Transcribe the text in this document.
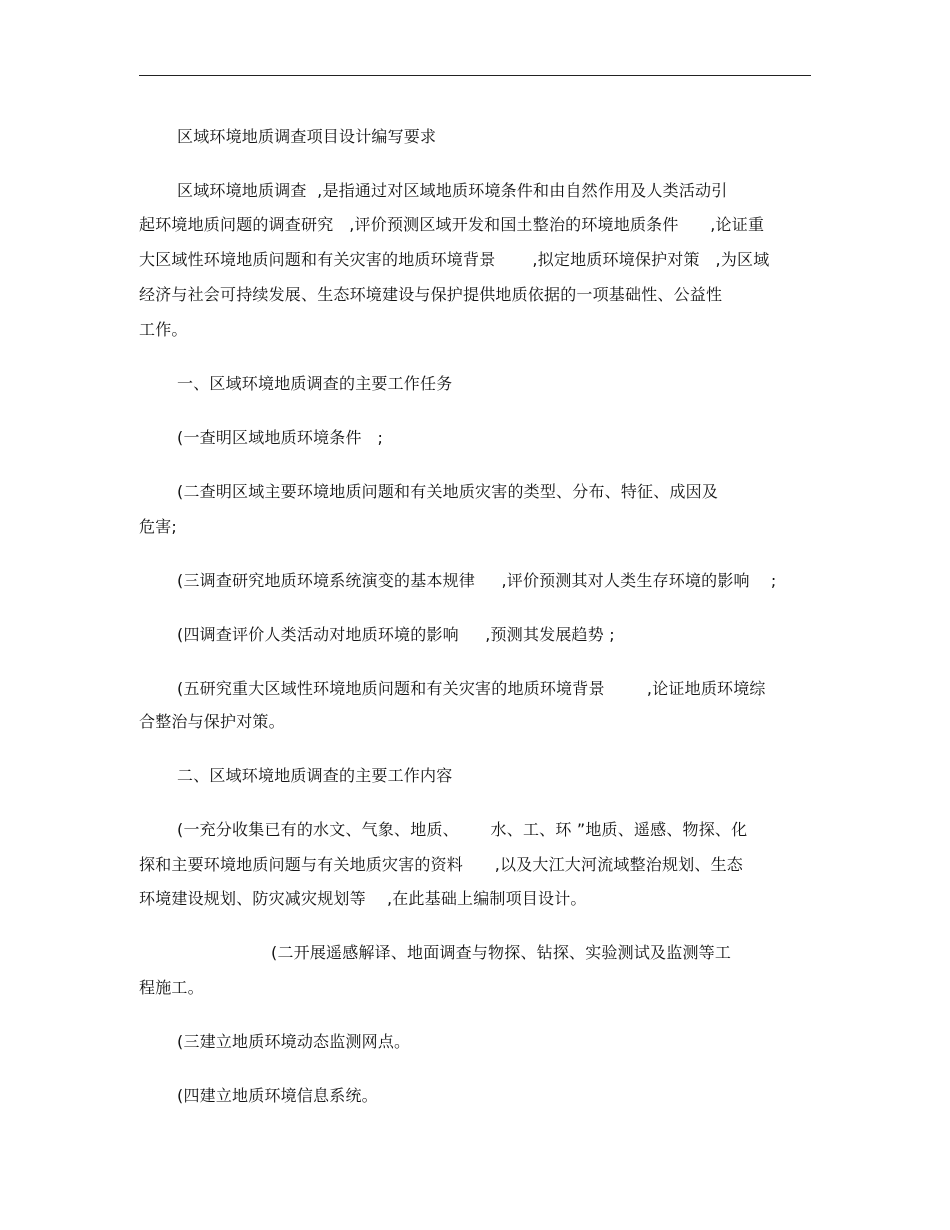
区域环境地质调查项目设计编写要求
区域环境地质调查  ,是指通过对区域地质环境条件和由自然作用及人类活动引
起环境地质问题的调查研究   ,评价预测区域开发和国土整治的环境地质条件      ,论证重
大区域性环境地质问题和有关灾害的地质环境背景       ,拟定地质环境保护对策   ,为区域
经济与社会可持续发展、生态环境建设与保护提供地质依据的一项基础性、公益性
工作。
一、区域环境地质调查的主要工作任务
(一查明区域地质环境条件   ;
(二查明区域主要环境地质问题和有关地质灾害的类型、分布、特征、成因及
危害;
(三调查研究地质环境系统演变的基本规律     ,评价预测其对人类生存环境的影响    ;
(四调查评价人类活动对地质环境的影响     ,预测其发展趋势 ;
(五研究重大区域性环境地质问题和有关灾害的地质环境背景        ,论证地质环境综
合整治与保护对策。
二、区域环境地质调查的主要工作内容
(一充分收集已有的水文、气象、地质、      水、工、环 ”地质、遥感、物探、化
探和主要环境地质问题与有关地质灾害的资料      ,以及大江大河流域整治规划、生态
环境建设规划、防灾减灾规划等    ,在此基础上编制项目设计。
(二开展遥感解译、地面调查与物探、钻探、实验测试及监测等工
程施工。
(三建立地质环境动态监测网点。
(四建立地质环境信息系统。
